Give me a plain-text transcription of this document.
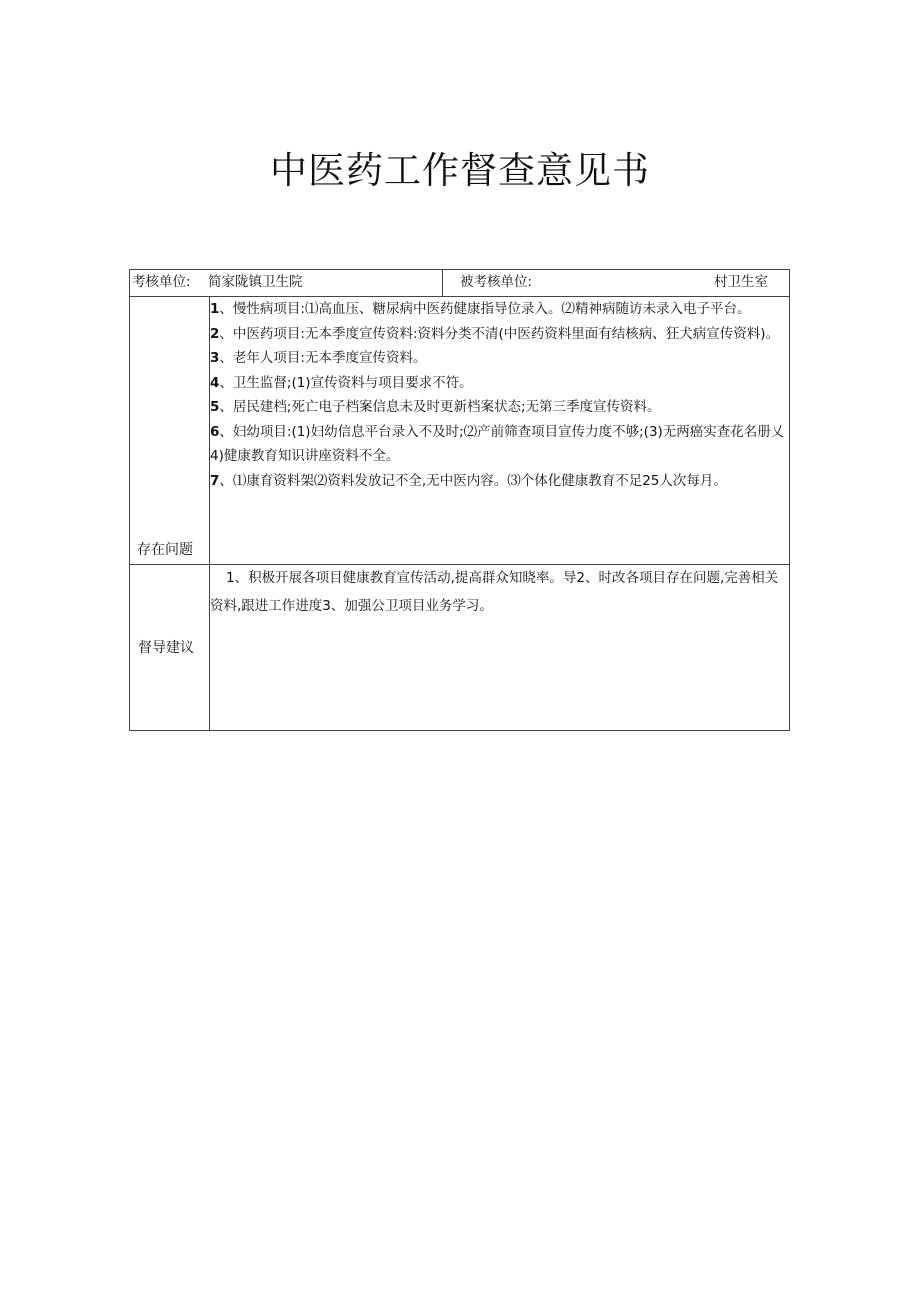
中医药工作督查意见书
考核单位: 简家陇镇卫生院	被考核单位:	村卫生室
存在问题

1、慢性病项目:⑴高血压、糖尿病中医药健康指导位录入。⑵精神病随访未录入电子平台。

2、中医药项目:无本季度宣传资料:资料分类不清(中医药资料里面有结核病、狂犬病宣传资料)。

3、老年人项目:无本季度宣传资料。

4、卫生监督;(1)宣传资料与项目要求不符。

5、居民建档;死亡电子档案信息未及时更新档案状态;无第三季度宣传资料。

6、妇幼项目:(1)妇幼信息平台录入不及时;⑵产前筛查项目宣传力度不够;(3)无两癌实查花名册乂4)健康教育知识讲座资料不全。

7、⑴康育资料架⑵资料发放记不全,无中医内容。⑶个体化健康教育不足25人次每月。

督导建议
1、积极开展各项目健康教育宣传活动,提高群众知晓率。导2、时改各项目存在问题,完善相关资料,跟进工作进度3、加强公卫项目业务学习。
